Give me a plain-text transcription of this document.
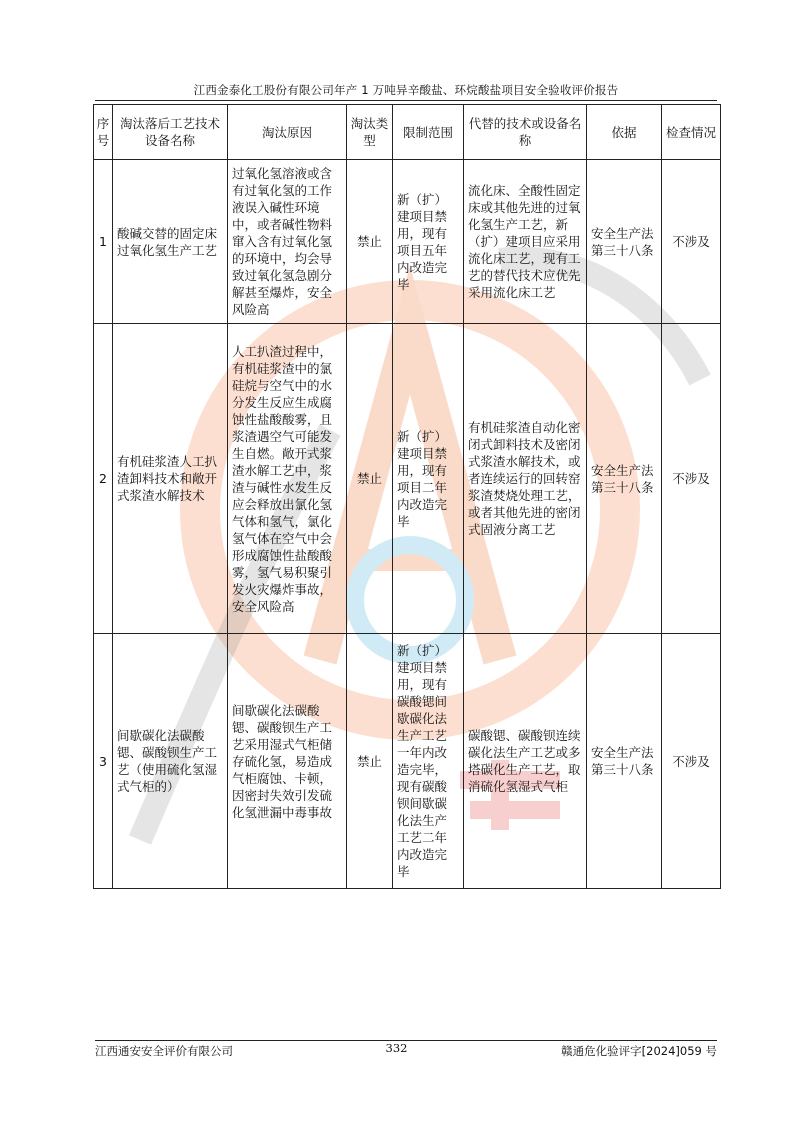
江西金泰化工股份有限公司年产 1 万吨异辛酸盐、环烷酸盐项目安全验收评价报告
序号	淘汰落后工艺技术设备名称	淘汰原因	淘汰类型	限制范围	代替的技术或设备名称	依据	检查情况
1	酸碱交替的固定床过氧化氢生产工艺	过氧化氢溶液或含有过氧化氢的工作液误入碱性环境中，或者碱性物料窜入含有过氧化氢的环境中，均会导致过氧化氢急剧分解甚至爆炸，安全风险高	禁止	新（扩）建项目禁用，现有项目五年内改造完毕	流化床、全酸性固定床或其他先进的过氧化氢生产工艺，新（扩）建项目应采用流化床工艺，现有工艺的替代技术应优先采用流化床工艺	安全生产法第三十八条	不涉及
2	有机硅浆渣人工扒渣卸料技术和敞开式浆渣水解技术	人工扒渣过程中，有机硅浆渣中的氯硅烷与空气中的水分发生反应生成腐蚀性盐酸酸雾，且浆渣遇空气可能发生自燃。敞开式浆渣水解工艺中，浆渣与碱性水发生反应会释放出氯化氢气体和氢气，氯化氢气体在空气中会形成腐蚀性盐酸酸雾，氢气易积聚引发火灾爆炸事故，安全风险高	禁止	新（扩）建项目禁用，现有项目二年内改造完毕	有机硅浆渣自动化密闭式卸料技术及密闭式浆渣水解技术，或者连续运行的回转窑浆渣焚烧处理工艺，或者其他先进的密闭式固液分离工艺	安全生产法第三十八条	不涉及
3	间歇碳化法碳酸锶、碳酸钡生产工艺（使用硫化氢湿式气柜的）	间歇碳化法碳酸锶、碳酸钡生产工艺采用湿式气柜储存硫化氢，易造成气柜腐蚀、卡顿，因密封失效引发硫化氢泄漏中毒事故	禁止	新（扩）建项目禁用，现有碳酸锶间歇碳化法生产工艺一年内改造完毕，现有碳酸钡间歇碳化法生产工艺二年内改造完毕	碳酸锶、碳酸钡连续碳化法生产工艺或多塔碳化生产工艺，取消硫化氢湿式气柜	安全生产法第三十八条	不涉及
江西通安安全评价有限公司	332	赣通危化验评字[2024]059 号
